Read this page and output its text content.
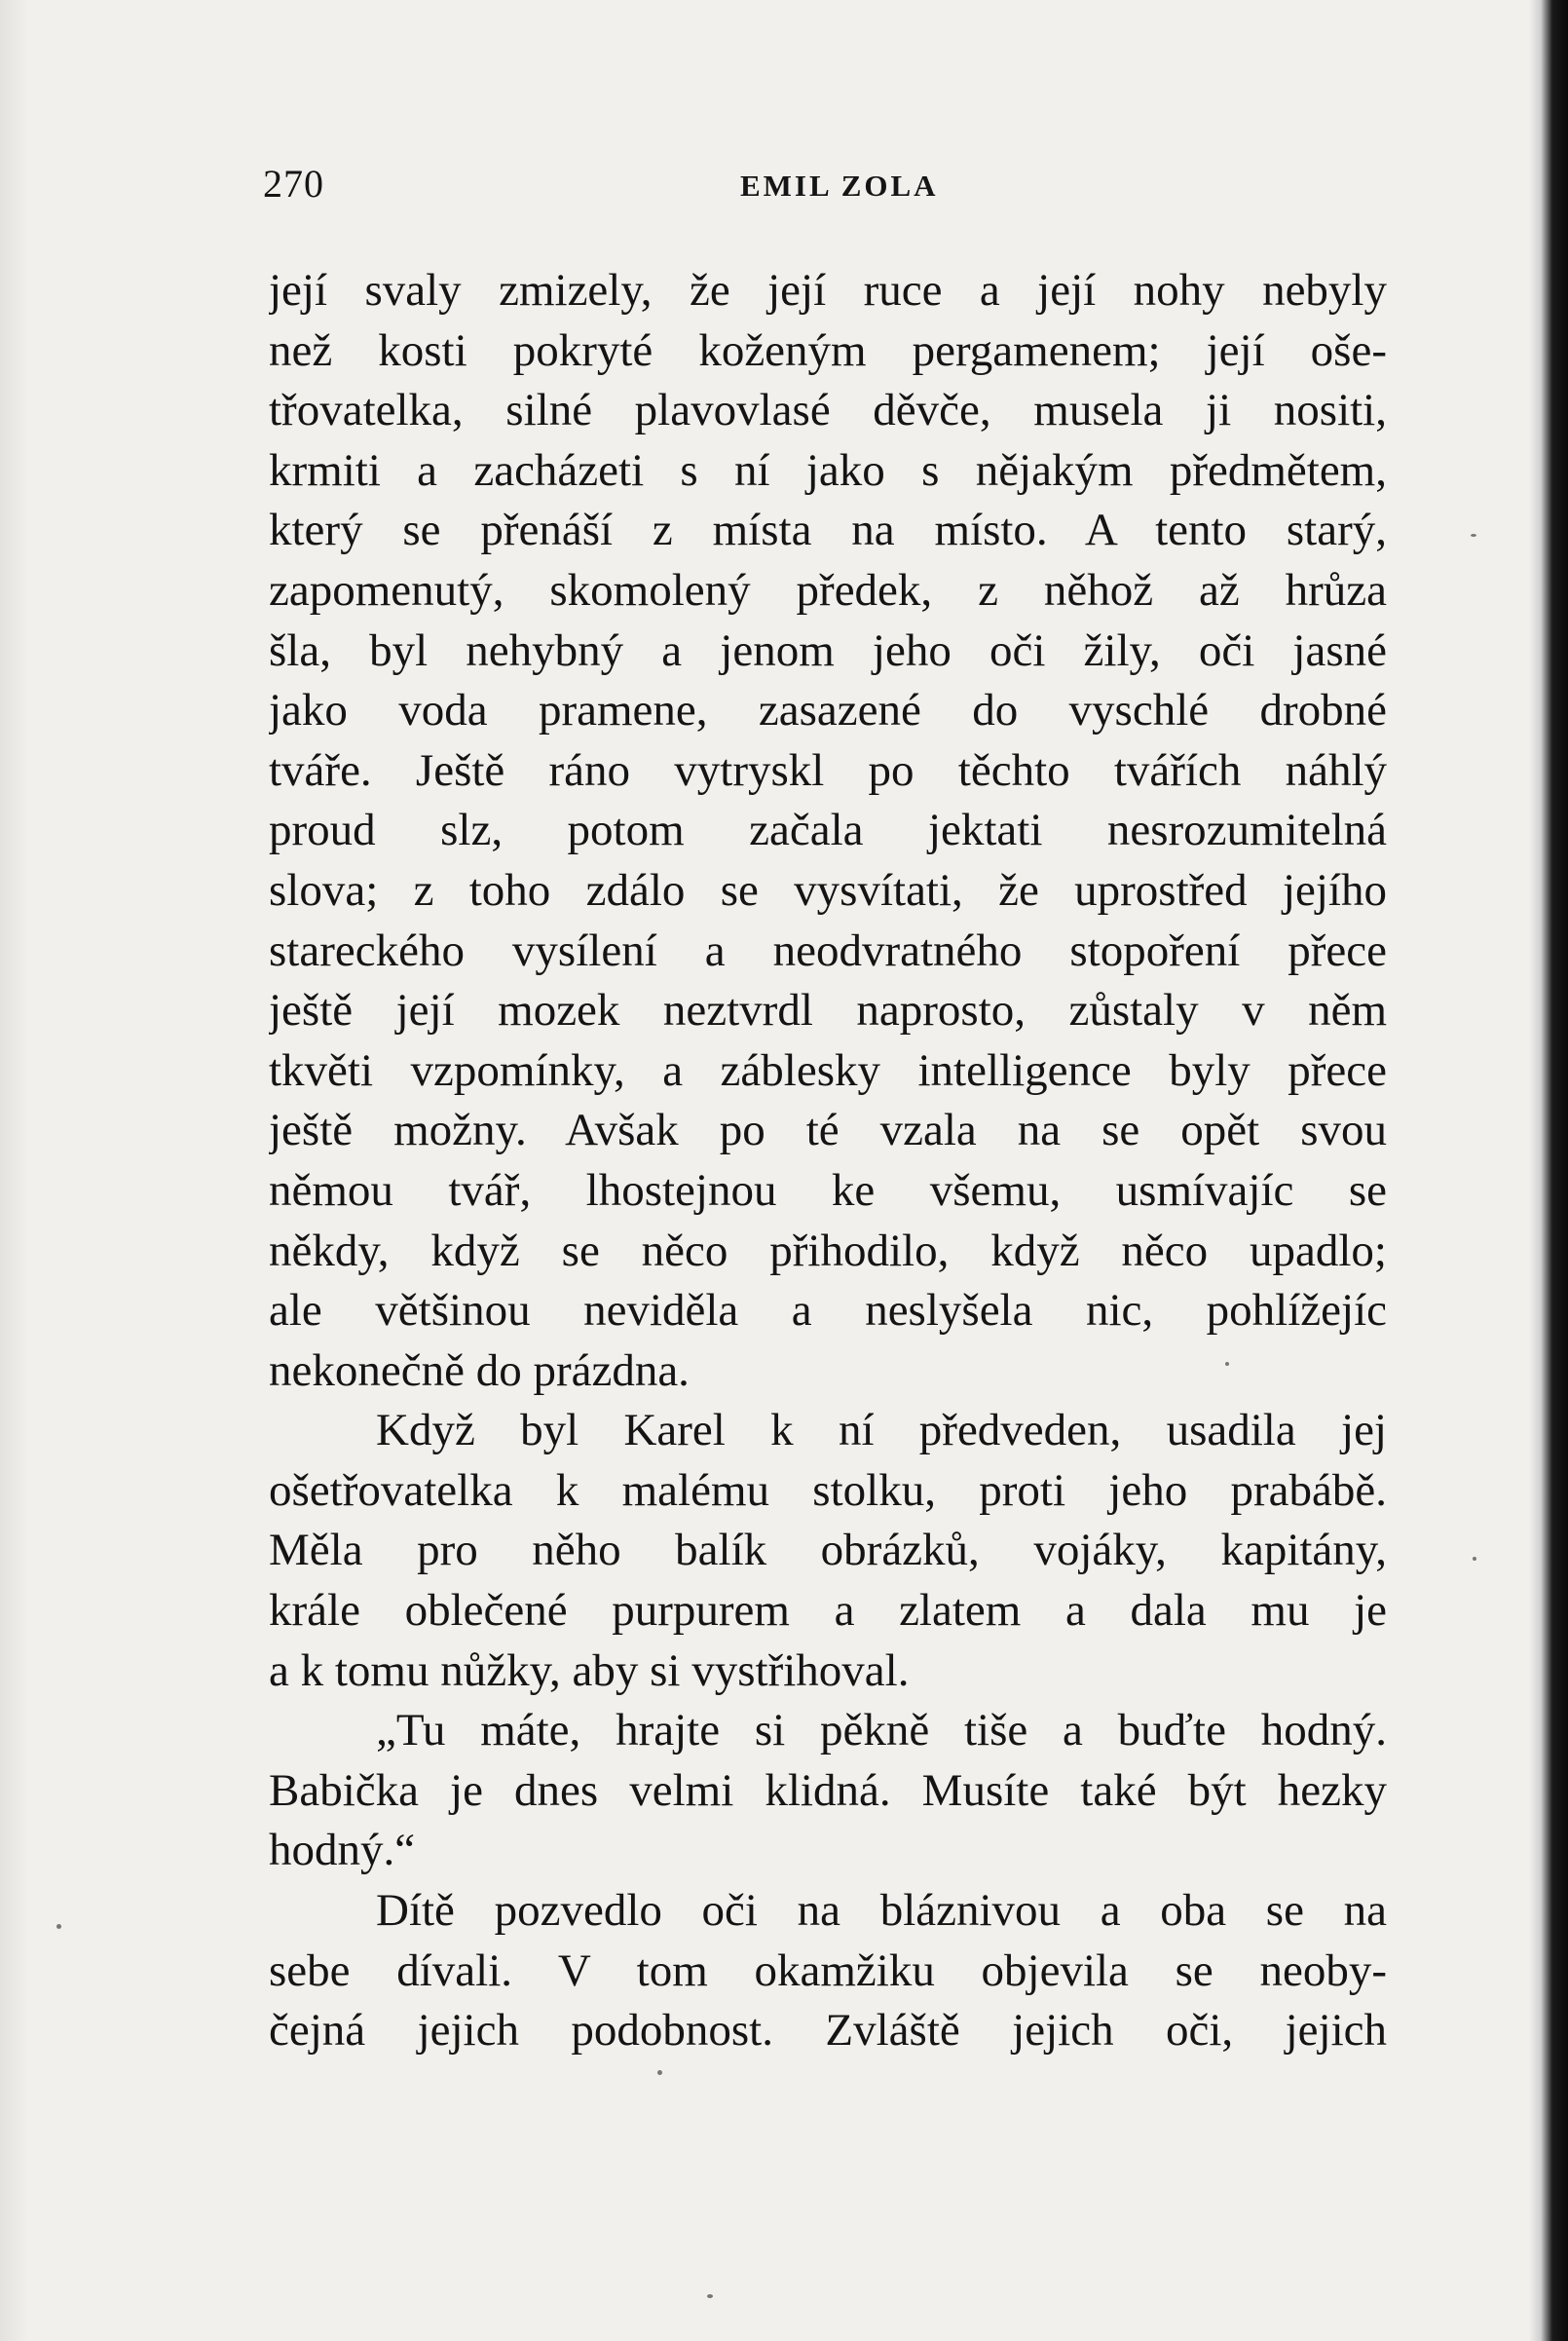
270	EMIL ZOLA
její svaly zmizely, že její ruce a její nohy nebyly
než kosti pokryté koženým pergamenem; její oše-
třovatelka, silné plavovlasé děvče, musela ji nositi,
krmiti a zacházeti s ní jako s nějakým předmětem,
který se přenáší z místa na místo. A tento starý,
zapomenutý, skomolený předek, z něhož až hrůza
šla, byl nehybný a jenom jeho oči žily, oči jasné
jako voda pramene, zasazené do vyschlé drobné
tváře. Ještě ráno vytryskl po těchto tvářích náhlý
proud slz, potom začala jektati nesrozumitelná
slova; z toho zdálo se vysvítati, že uprostřed jejího
stareckého vysílení a neodvratného stopoření přece
ještě její mozek neztvrdl naprosto, zůstaly v něm
tkvěti vzpomínky, a záblesky intelligence byly přece
ještě možny. Avšak po té vzala na se opět svou
němou tvář, lhostejnou ke všemu, usmívajíc se
někdy, když se něco přihodilo, když něco upadlo;
ale většinou neviděla a neslyšela nic, pohlížejíc
nekonečně do prázdna.
Když byl Karel k ní předveden, usadila jej
ošetřovatelka k malému stolku, proti jeho prabábě.
Měla pro něho balík obrázků, vojáky, kapitány,
krále oblečené purpurem a zlatem a dala mu je
a k tomu nůžky, aby si vystřihoval.
„Tu máte, hrajte si pěkně tiše a buďte hodný.
Babička je dnes velmi klidná. Musíte také být hezky
hodný.“
Dítě pozvedlo oči na bláznivou a oba se na
sebe dívali. V tom okamžiku objevila se neoby-
čejná jejich podobnost. Zvláště jejich oči, jejich
